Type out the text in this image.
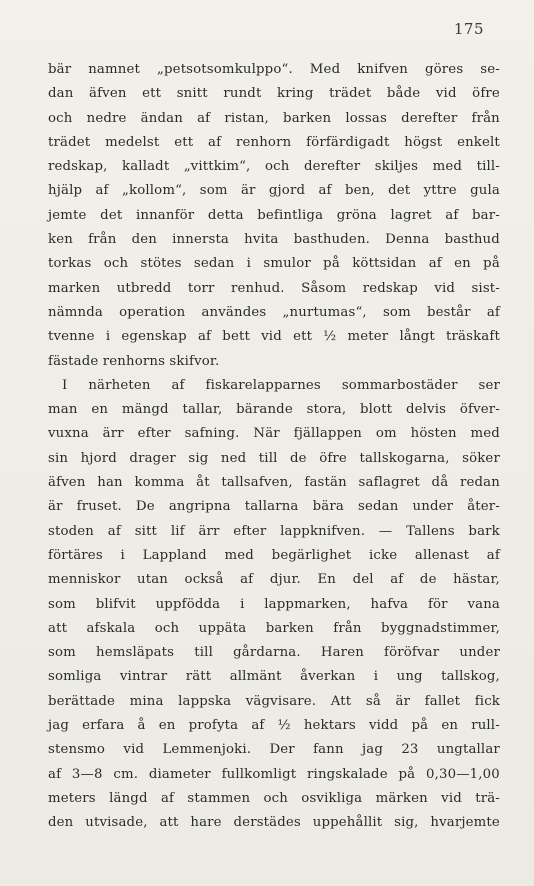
175
bär namnet „petsotsomkulppo“. Med knifven göres se-
dan äfven ett snitt rundt kring trädet både vid öfre
och nedre ändan af ristan, barken lossas derefter från
trädet medelst ett af renhorn förfärdigadt högst enkelt
redskap, kalladt „vittkim“, och derefter skiljes med till-
hjälp af „kollom“, som är gjord af ben, det yttre gula
jemte det innanför detta befintliga gröna lagret af bar-
ken från den innersta hvita basthuden. Denna basthud
torkas och stötes sedan i smulor på köttsidan af en på
marken utbredd torr renhud. Såsom redskap vid sist-
nämnda operation användes „nurtumas“, som består af
tvenne i egenskap af bett vid ett ½ meter långt träskaft
fästade renhorns skifvor.
I närheten af fiskarelapparnes sommarbostäder ser
man en mängd tallar, bärande stora, blott delvis öfver-
vuxna ärr efter safning. När fjällappen om hösten med
sin hjord drager sig ned till de öfre tallskogarna, söker
äfven han komma åt tallsafven, fastän saflagret då redan
är fruset. De angripna tallarna bära sedan under åter-
stoden af sitt lif ärr efter lappknifven. — Tallens bark
förtäres i Lappland med begärlighet icke allenast af
menniskor utan också af djur. En del af de hästar,
som blifvit uppfödda i lappmarken, hafva för vana
att afskala och uppäta barken från byggnadstimmer,
som hemsläpats till gårdarna. Haren föröfvar under
somliga vintrar rätt allmänt åverkan i ung tallskog,
berättade mina lappska vägvisare. Att så är fallet fick
jag erfara å en profyta af ½ hektars vidd på en rull-
stensmo vid Lemmenjoki. Der fann jag 23 ungtallar
af 3—8 cm. diameter fullkomligt ringskalade på 0,30—1,00
meters längd af stammen och osvikliga märken vid trä-
den utvisade, att hare derstädes uppehållit sig, hvarjemte
